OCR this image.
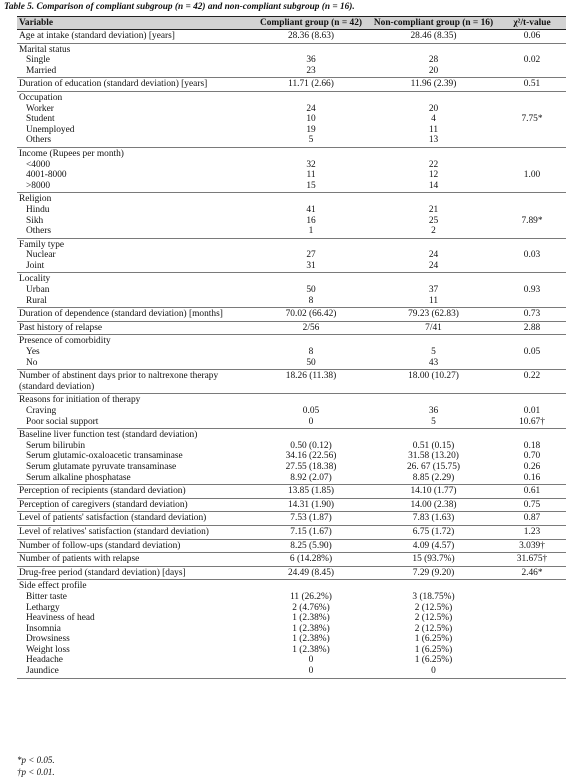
Table 5. Comparison of compliant subgroup (n = 42) and non-compliant subgroup (n = 16).
Variable	Compliant group (n = 42)	Non-compliant group (n = 16)	χ²/t-value
Age at intake (standard deviation) [years]	28.36 (8.63)	28.46 (8.35)	0.06
Marital status			
Single	36	28	0.02
Married	23	20	
Duration of education (standard deviation) [years]	11.71 (2.66)	11.96 (2.39)	0.51
Occupation			
Worker	24	20	
Student	10	4	7.75*
Unemployed	19	11	
Others	5	13	
Income (Rupees per month)			
<4000	32	22	
4001-8000	11	12	1.00
>8000	15	14	
Religion			
Hindu	41	21	
Sikh	16	25	7.89*
Others	1	2	
Family type			
Nuclear	27	24	0.03
Joint	31	24	
Locality			
Urban	50	37	0.93
Rural	8	11	
Duration of dependence (standard deviation) [months]	70.02 (66.42)	79.23 (62.83)	0.73
Past history of relapse	2/56	7/41	2.88
Presence of comorbidity			
Yes	8	5	0.05
No	50	43	
Number of abstinent days prior to naltrexone therapy (standard deviation)	18.26 (11.38)	18.00 (10.27)	0.22
Reasons for initiation of therapy			
Craving	0.05	36	0.01
Poor social support	0	5	10.67†
Baseline liver function test (standard deviation)			
Serum bilirubin	0.50 (0.12)	0.51 (0.15)	0.18
Serum glutamic-oxaloacetic transaminase	34.16 (22.56)	31.58 (13.20)	0.70
Serum glutamate pyruvate transaminase	27.55 (18.38)	26. 67 (15.75)	0.26
Serum alkaline phosphatase	8.92 (2.07)	8.85 (2.29)	0.16
Perception of recipients (standard deviation)	13.85 (1.85)	14.10 (1.77)	0.61
Perception of caregivers (standard deviation)	14.31 (1.90)	14.00 (2.38)	0.75
Level of patients' satisfaction (standard deviation)	7.53 (1.87)	7.83 (1.63)	0.87
Level of relatives' satisfaction (standard deviation)	7.15 (1.67)	6.75 (1.72)	1.23
Number of follow-ups (standard deviation)	8.25 (5.90)	4.09 (4.57)	3.039†
Number of patients with relapse	6 (14.28%)	15 (93.7%)	31.675†
Drug-free period (standard deviation) [days]	24.49 (8.45)	7.29 (9.20)	2.46*
Side effect profile			
Bitter taste	11 (26.2%)	3 (18.75%)	
Lethargy	2 (4.76%)	2 (12.5%)	
Heaviness of head	1 (2.38%)	2 (12.5%)	
Insomnia	1 (2.38%)	2 (12.5%)	
Drowsiness	1 (2.38%)	1 (6.25%)	
Weight loss	1 (2.38%)	1 (6.25%)	
Headache	0	1 (6.25%)	
Jaundice	0	0	
*p < 0.05.
†p < 0.01.
